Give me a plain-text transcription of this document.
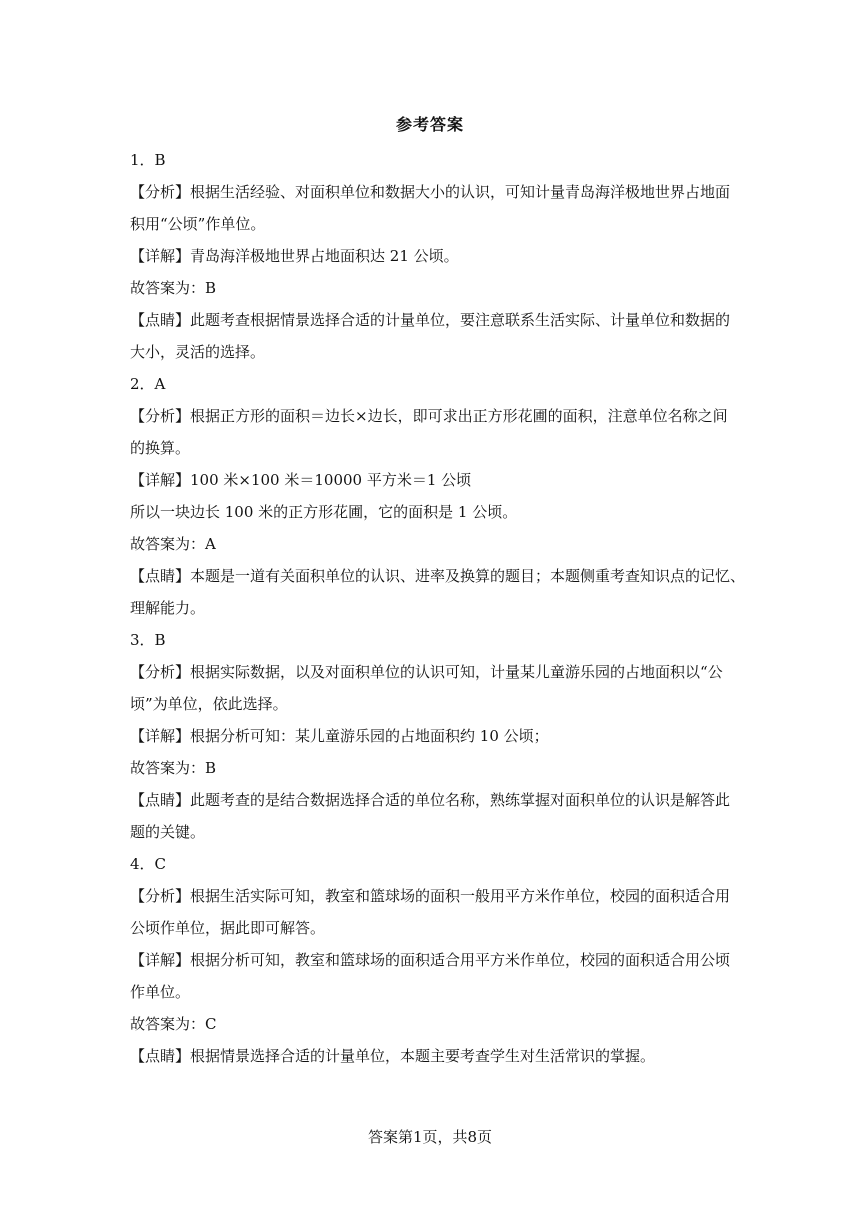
参考答案
1．B
【分析】根据生活经验、对面积单位和数据大小的认识，可知计量青岛海洋极地世界占地面
积用“公顷”作单位。
【详解】青岛海洋极地世界占地面积达 21 公顷。
故答案为：B
【点睛】此题考查根据情景选择合适的计量单位，要注意联系生活实际、计量单位和数据的
大小，灵活的选择。
2．A
【分析】根据正方形的面积＝边长×边长，即可求出正方形花圃的面积，注意单位名称之间
的换算。
【详解】100 米×100 米＝10000 平方米＝1 公顷
所以一块边长 100 米的正方形花圃，它的面积是 1 公顷。
故答案为：A
【点睛】本题是一道有关面积单位的认识、进率及换算的题目；本题侧重考查知识点的记忆、
理解能力。
3．B
【分析】根据实际数据，以及对面积单位的认识可知，计量某儿童游乐园的占地面积以“公
顷”为单位，依此选择。
【详解】根据分析可知：某儿童游乐园的占地面积约 10 公顷；
故答案为：B
【点睛】此题考查的是结合数据选择合适的单位名称，熟练掌握对面积单位的认识是解答此
题的关键。
4．C
【分析】根据生活实际可知，教室和篮球场的面积一般用平方米作单位，校园的面积适合用
公顷作单位，据此即可解答。
【详解】根据分析可知，教室和篮球场的面积适合用平方米作单位，校园的面积适合用公顷
作单位。
故答案为：C
【点睛】根据情景选择合适的计量单位，本题主要考查学生对生活常识的掌握。
答案第1页，共8页
